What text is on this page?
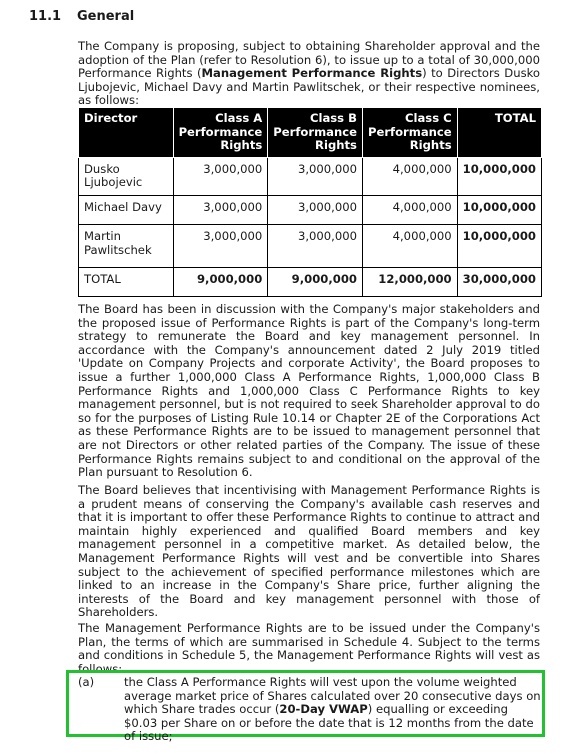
11.1 General
The Company is proposing, subject to obtaining Shareholder approval and the adoption of the Plan (refer to Resolution 6), to issue up to a total of 30,000,000 Performance Rights (Management Performance Rights) to Directors Dusko Ljubojevic, Michael Davy and Martin Pawlitschek, or their respective nominees, as follows:
Director	Class A Performance Rights	Class B Performance Rights	Class C Performance Rights	TOTAL
Dusko Ljubojevic	3,000,000	3,000,000	4,000,000	10,000,000
Michael Davy	3,000,000	3,000,000	4,000,000	10,000,000
Martin Pawlitschek	3,000,000	3,000,000	4,000,000	10,000,000
TOTAL	9,000,000	9,000,000	12,000,000	30,000,000
The Board has been in discussion with the Company's major stakeholders and the proposed issue of Performance Rights is part of the Company's long-term strategy to remunerate the Board and key management personnel. In accordance with the Company's announcement dated 2 July 2019 titled 'Update on Company Projects and corporate Activity', the Board proposes to issue a further 1,000,000 Class A Performance Rights, 1,000,000 Class B Performance Rights and 1,000,000 Class C Performance Rights to key management personnel, but is not required to seek Shareholder approval to do so for the purposes of Listing Rule 10.14 or Chapter 2E of the Corporations Act as these Performance Rights are to be issued to management personnel that are not Directors or other related parties of the Company. The issue of these Performance Rights remains subject to and conditional on the approval of the Plan pursuant to Resolution 6.
The Board believes that incentivising with Management Performance Rights is a prudent means of conserving the Company's available cash reserves and that it is important to offer these Performance Rights to continue to attract and maintain highly experienced and qualified Board members and key management personnel in a competitive market. As detailed below, the Management Performance Rights will vest and be convertible into Shares subject to the achievement of specified performance milestones which are linked to an increase in the Company's Share price, further aligning the interests of the Board and key management personnel with those of Shareholders.
The Management Performance Rights are to be issued under the Company's Plan, the terms of which are summarised in Schedule 4. Subject to the terms and conditions in Schedule 5, the Management Performance Rights will vest as follows:
(a)	the Class A Performance Rights will vest upon the volume weighted average market price of Shares calculated over 20 consecutive days on which Share trades occur (20-Day VWAP) equalling or exceeding $0.03 per Share on or before the date that is 12 months from the date of issue;
